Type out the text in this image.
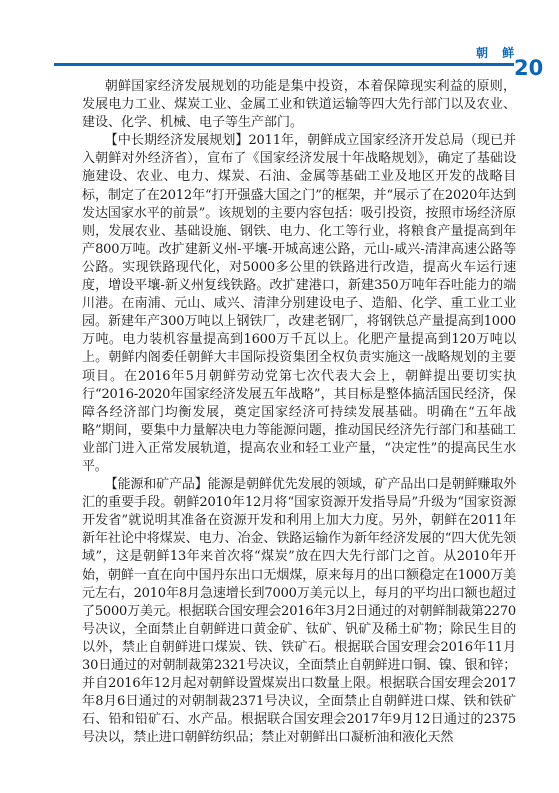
朝 鲜
20

朝鲜国家经济发展规划的功能是集中投资，本着保障现实利益的原则，发展电力工业、煤炭工业、金属工业和铁道运输等四大先行部门以及农业、建设、化学、机械、电子等生产部门。

【中长期经济发展规划】2011年，朝鲜成立国家经济开发总局（现已并入朝鲜对外经济省），宣布了《国家经济发展十年战略规划》，确定了基础设施建设、农业、电力、煤炭、石油、金属等基础工业及地区开发的战略目标，制定了在2012年“打开强盛大国之门”的框架，并“展示了在2020年达到发达国家水平的前景”。该规划的主要内容包括：吸引投资，按照市场经济原则，发展农业、基础设施、钢铁、电力、化工等行业，将粮食产量提高到年产800万吨。改扩建新义州-平壤-开城高速公路，元山-咸兴-清津高速公路等公路。实现铁路现代化，对5000多公里的铁路进行改造，提高火车运行速度，增设平壤-新义州复线铁路。改扩建港口，新建350万吨年吞吐能力的端川港。在南浦、元山、咸兴、清津分别建设电子、造船、化学、重工业工业园。新建年产300万吨以上钢铁厂，改建老钢厂，将钢铁总产量提高到1000万吨。电力装机容量提高到1600万千瓦以上。化肥产量提高到120万吨以上。朝鲜内阁委任朝鲜大丰国际投资集团全权负责实施这一战略规划的主要项目。在2016年5月朝鲜劳动党第七次代表大会上，朝鲜提出要切实执行“2016-2020年国家经济发展五年战略”，其目标是整体搞活国民经济，保障各经济部门均衡发展，奠定国家经济可持续发展基础。明确在“五年战略”期间，要集中力量解决电力等能源问题，推动国民经济先行部门和基础工业部门进入正常发展轨道，提高农业和轻工业产量，“决定性”的提高民生水平。

【能源和矿产品】能源是朝鲜优先发展的领域，矿产品出口是朝鲜赚取外汇的重要手段。朝鲜2010年12月将“国家资源开发指导局”升级为“国家资源开发省”就说明其准备在资源开发和利用上加大力度。另外，朝鲜在2011年新年社论中将煤炭、电力、冶金、铁路运输作为新年经济发展的“四大优先领域”，这是朝鲜13年来首次将“煤炭”放在四大先行部门之首。从2010年开始，朝鲜一直在向中国丹东出口无烟煤，原来每月的出口额稳定在1000万美元左右，2010年8月急速增长到7000万美元以上，每月的平均出口额也超过了5000万美元。根据联合国安理会2016年3月2日通过的对朝鲜制裁第2270号决议，全面禁止自朝鲜进口黄金矿、钛矿、钒矿及稀土矿物；除民生目的以外，禁止自朝鲜进口煤炭、铁、铁矿石。根据联合国安理会2016年11月30日通过的对朝制裁第2321号决议，全面禁止自朝鲜进口铜、镍、银和锌；并自2016年12月起对朝鲜设置煤炭出口数量上限。根据联合国安理会2017年8月6日通过的对朝制裁2371号决议，全面禁止自朝鲜进口煤、铁和铁矿石、铅和铅矿石、水产品。根据联合国安理会2017年9月12日通过的2375号决以，禁止进口朝鲜纺织品；禁止对朝鲜出口凝析油和液化天然
